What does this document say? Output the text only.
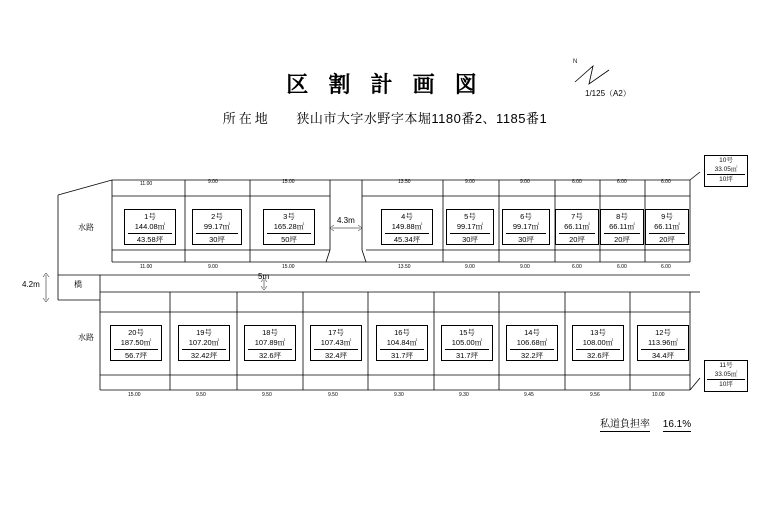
区 割 計 画 図
所在地 狭山市大字水野字本堀1180番2、1185番1
N
1/125（A2）
水路
水路
橋
4.2m
4.3m
5m
11.00	9.00	15.00	13.50	9.00	9.00	6.00	6.00	6.00
11.00	9.00	15.00	13.50	9.00	9.00	6.00	6.00	6.00
15.00	9.50	9.50	9.50	9.30	9.30	9.45	9.56	10.00
1号
144.08㎡
43.58坪
2号
99.17㎡
30坪
3号
165.28㎡
50坪
4号
149.88㎡
45.34坪
5号
99.17㎡
30坪
6号
99.17㎡
30坪
7号
66.11㎡
20坪
8号
66.11㎡
20坪
9号
66.11㎡
20坪
20号
187.50㎡
56.7坪
19号
107.20㎡
32.42坪
18号
107.89㎡
32.6坪
17号
107.43㎡
32.4坪
16号
104.84㎡
31.7坪
15号
105.00㎡
31.7坪
14号
106.68㎡
32.2坪
13号
108.00㎡
32.6坪
12号
113.96㎡
34.4坪
10号
33.05㎡
10坪
11号
33.05㎡
10坪
私道負担率 16.1%
